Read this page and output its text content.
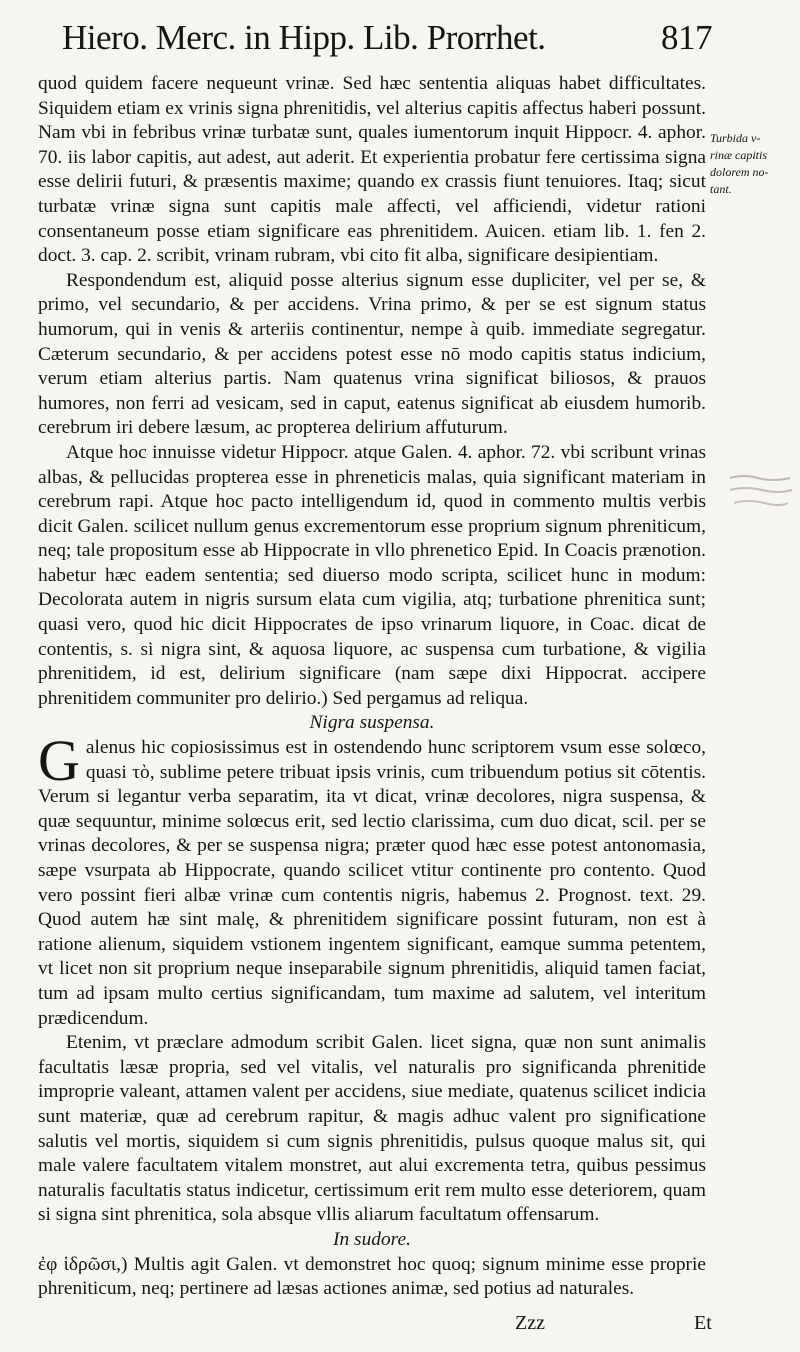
Hiero. Merc. in Hipp. Lib. Prorrhet.	817

quod quidem facere nequeunt vrinæ. Sed hæc sententia aliquas habet difficultates. Siquidem etiam ex vrinis signa phrenitidis, vel alterius capitis affectus haberi possunt. Nam vbi in febribus vrinæ turbatæ sunt, quales iumentorum inquit Hippocr. 4. aphor. 70. iis labor capitis, aut adest, aut aderit. Et experientia probatur fere certissima signa esse delirii futuri, & præsentis maxime; quando ex crassis fiunt tenuiores. Itaq; sicut turbatæ vrinæ signa sunt capitis male affecti, vel afficiendi, videtur rationi consentaneum posse etiam significare eas phrenitidem. Auicen. etiam lib. 1. fen 2. doct. 3. cap. 2. scribit, vrinam rubram, vbi cito fit alba, significare desipientiam.

Respondendum est, aliquid posse alterius signum esse dupliciter, vel per se, & primo, vel secundario, & per accidens. Vrina primo, & per se est signum status humorum, qui in venis & arteriis continentur, nempe à quib. immediate segregatur. Cæterum secundario, & per accidens potest esse nō modo capitis status indicium, verum etiam alterius partis. Nam quatenus vrina significat biliosos, & prauos humores, non ferri ad vesicam, sed in caput, eatenus significat ab eiusdem humorib. cerebrum iri debere læsum, ac propterea delirium affuturum.

Atque hoc innuisse videtur Hippocr. atque Galen. 4. aphor. 72. vbi scribunt vrinas albas, & pellucidas propterea esse in phreneticis malas, quia significant materiam in cerebrum rapi. Atque hoc pacto intelligendum id, quod in commento multis verbis dicit Galen. scilicet nullum genus excrementorum esse proprium signum phreniticum, neq; tale propositum esse ab Hippocrate in vllo phrenetico Epid. In Coacis prænotion. habetur hæc eadem sententia; sed diuerso modo scripta, scilicet hunc in modum: Decolorata autem in nigris sursum elata cum vigilia, atq; turbatione phrenitica sunt; quasi vero, quod hic dicit Hippocrates de ipso vrinarum liquore, in Coac. dicat de contentis, s. si nigra sint, & aquosa liquore, ac suspensa cum turbatione, & vigilia phrenitidem, id est, delirium significare (nam sæpe dixi Hippocrat. accipere phrenitidem communiter pro delirio.) Sed pergamus ad reliqua.

Nigra suspensa.

Galenus hic copiosissimus est in ostendendo hunc scriptorem vsum esse solœco, quasi τὸ, sublime petere tribuat ipsis vrinis, cum tribuendum potius sit cōtentis. Verum si legantur verba separatim, ita vt dicat, vrinæ decolores, nigra suspensa, & quæ sequuntur, minime solœcus erit, sed lectio clarissima, cum duo dicat, scil. per se vrinas decolores, & per se suspensa nigra; præter quod hæc esse potest antonomasia, sæpe vsurpata ab Hippocrate, quando scilicet vtitur continente pro contento. Quod vero possint fieri albæ vrinæ cum contentis nigris, habemus 2. Prognost. text. 29. Quod autem hæ sint malę, & phrenitidem significare possint futuram, non est à ratione alienum, siquidem vstionem ingentem significant, eamque summa petentem, vt licet non sit proprium neque inseparabile signum phrenitidis, aliquid tamen faciat, tum ad ipsam multo certius significandam, tum maxime ad salutem, vel interitum prædicendum.

Etenim, vt præclare admodum scribit Galen. licet signa, quæ non sunt animalis facultatis læsæ propria, sed vel vitalis, vel naturalis pro significanda phrenitide improprie valeant, attamen valent per accidens, siue mediate, quatenus scilicet indicia sunt materiæ, quæ ad cerebrum rapitur, & magis adhuc valent pro significatione salutis vel mortis, siquidem si cum signis phrenitidis, pulsus quoque malus sit, qui male valere facultatem vitalem monstret, aut alui excrementa tetra, quibus pessimus naturalis facultatis status indicetur, certissimum erit rem multo esse deteriorem, quam si signa sint phrenitica, sola absque vllis aliarum facultatum offensarum.

In sudore.

ἐφ ἱδρῶσι,) Multis agit Galen. vt demonstret hoc quoq; signum minime esse proprie phreniticum, neq; pertinere ad læsas actiones animæ, sed potius ad naturales.

Turbida v-
rinæ capitis
dolorem no-
tant.
Zzz	Et
